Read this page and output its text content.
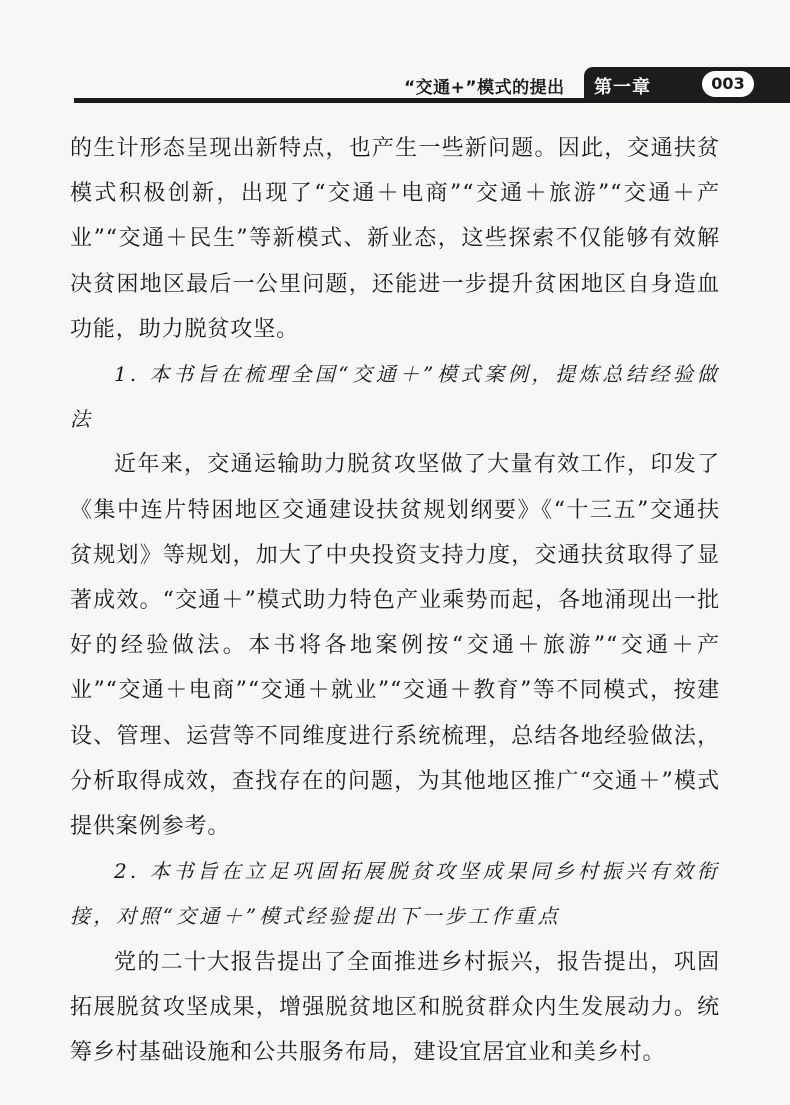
“交通+”模式的提出 第一章	003

的生计形态呈现出新特点，也产生一些新问题。因此，交通扶贫模式积极创新，出现了“交通＋电商”“交通＋旅游”“交通＋产业”“交通＋民生”等新模式、新业态，这些探索不仅能够有效解决贫困地区最后一公里问题，还能进一步提升贫困地区自身造血功能，助力脱贫攻坚。

1. 本书旨在梳理全国“交通＋”模式案例，提炼总结经验做法

近年来，交通运输助力脱贫攻坚做了大量有效工作，印发了《集中连片特困地区交通建设扶贫规划纲要》《“十三五”交通扶贫规划》等规划，加大了中央投资支持力度，交通扶贫取得了显著成效。“交通＋”模式助力特色产业乘势而起，各地涌现出一批好的经验做法。本书将各地案例按“交通＋旅游”“交通＋产业”“交通＋电商”“交通＋就业”“交通＋教育”等不同模式，按建设、管理、运营等不同维度进行系统梳理，总结各地经验做法，分析取得成效，查找存在的问题，为其他地区推广“交通＋”模式提供案例参考。

2. 本书旨在立足巩固拓展脱贫攻坚成果同乡村振兴有效衔接，对照“交通＋”模式经验提出下一步工作重点

党的二十大报告提出了全面推进乡村振兴，报告提出，巩固拓展脱贫攻坚成果，增强脱贫地区和脱贫群众内生发展动力。统筹乡村基础设施和公共服务布局，建设宜居宜业和美乡村。
